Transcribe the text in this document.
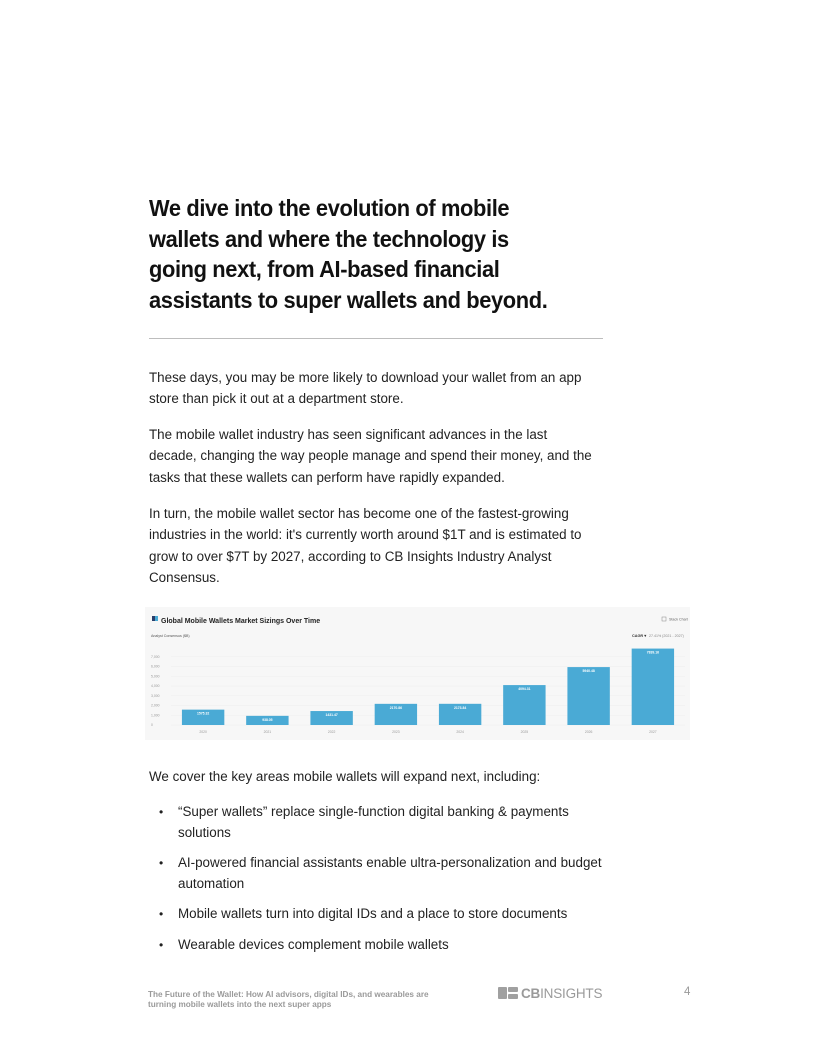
We dive into the evolution of mobile wallets and where the technology is going next, from AI-based financial assistants to super wallets and beyond.

These days, you may be more likely to download your wallet from an app store than pick it out at a department store.

The mobile wallet industry has seen significant advances in the last decade, changing the way people manage and spend their money, and the tasks that these wallets can perform have rapidly expanded.

In turn, the mobile wallet sector has become one of the fastest-growing industries in the world: it's currently worth around $1T and is estimated to grow to over $7T by 2027, according to CB Insights Industry Analyst Consensus.

Global Mobile Wallets Market Sizings Over Time
Analyst Consensus ($B)
Stack Chart
CAGR ▾ 27.41% (2021 - 2027)
0
1,000
2,000
3,000
4,000
5,000
6,000
7,000
1575.32
2020
938.05
2021
1431.47
2022
2170.86
2023
2173.84
2024
4094.31
2025
5940.48
2026
7839.16
2027

We cover the key areas mobile wallets will expand next, including:

• “Super wallets” replace single-function digital banking & payments solutions
• AI-powered financial assistants enable ultra-personalization and budget automation
• Mobile wallets turn into digital IDs and a place to store documents
• Wearable devices complement mobile wallets
The Future of the Wallet: How AI advisors, digital IDs, and wearables are turning mobile wallets into the next super apps
CBINSIGHTS	4
